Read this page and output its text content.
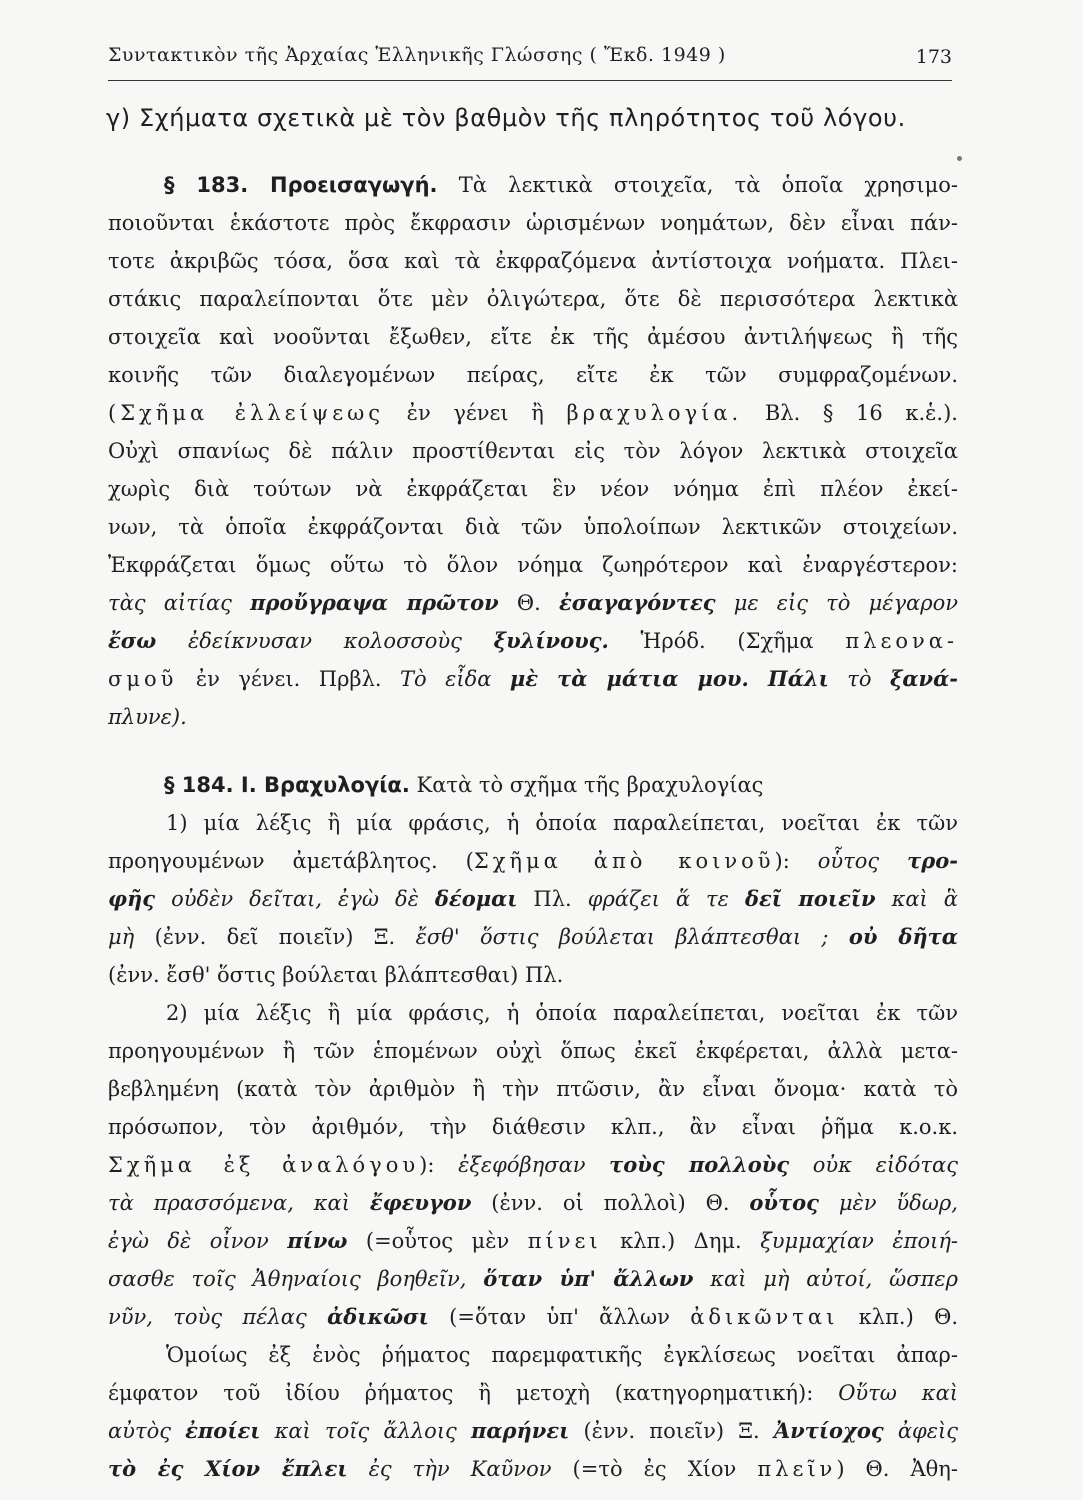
Συντακτικὸν τῆς Ἀρχαίας Ἑλληνικῆς Γλώσσης ( Ἔκδ. 1949 )	173
γ) Σχήματα σχετικὰ μὲ τὸν βαθμὸν τῆς πληρότητος τοῦ λόγου.
§ 183. Προεισαγωγή. Τὰ λεκτικὰ στοιχεῖα, τὰ ὁποῖα χρησιμο-
ποιοῦνται ἑκάστοτε πρὸς ἔκφρασιν ὡρισμένων νοημάτων, δὲν εἶναι πάν-
τοτε ἀκριβῶς τόσα, ὅσα καὶ τὰ ἐκφραζόμενα ἀντίστοιχα νοήματα. Πλει-
στάκις παραλείπονται ὅτε μὲν ὀλιγώτερα, ὅτε δὲ περισσότερα λεκτικὰ
στοιχεῖα καὶ νοοῦνται ἔξωθεν, εἴτε ἐκ τῆς ἀμέσου ἀντιλήψεως ἢ τῆς
κοινῆς τῶν διαλεγομένων πείρας, εἴτε ἐκ τῶν συμφραζομένων.
(Σχῆμα ἐλλείψεως ἐν γένει ἢ βραχυλογία. Βλ. § 16 κ.ἑ.).
Οὐχὶ σπανίως δὲ πάλιν προστίθενται εἰς τὸν λόγον λεκτικὰ στοιχεῖα
χωρὶς διὰ τούτων νὰ ἐκφράζεται ἓν νέον νόημα ἐπὶ πλέον ἐκεί-
νων, τὰ ὁποῖα ἐκφράζονται διὰ τῶν ὑπολοίπων λεκτικῶν στοιχείων.
Ἐκφράζεται ὅμως οὕτω τὸ ὅλον νόημα ζωηρότερον καὶ ἐναργέστερον:
τὰς αἰτίας προὔγραψα πρῶτον Θ. ἐσαγαγόντες με εἰς τὸ μέγαρον
ἔσω ἐδείκνυσαν κολοσσοὺς ξυλίνους. Ἡρόδ. (Σχῆμα πλεονα-
σμοῦ ἐν γένει. Πρβλ. Τὸ εἶδα μὲ τὰ μάτια μου. Πάλι τὸ ξανά-
πλυνε).
§ 184. Ι. Βραχυλογία. Κατὰ τὸ σχῆμα τῆς βραχυλογίας
1) μία λέξις ἢ μία φράσις, ἡ ὁποία παραλείπεται, νοεῖται ἐκ τῶν
προηγουμένων ἀμετάβλητος. (Σχῆμα ἀπὸ κοινοῦ): οὗτος τρο-
φῆς οὐδὲν δεῖται, ἐγὼ δὲ δέομαι Πλ. φράζει ἅ τε δεῖ ποιεῖν καὶ ἃ
μὴ (ἐνν. δεῖ ποιεῖν) Ξ. ἔσθ' ὅστις βούλεται βλάπτεσθαι ; οὐ δῆτα
(ἐνν. ἔσθ' ὅστις βούλεται βλάπτεσθαι) Πλ.
2) μία λέξις ἢ μία φράσις, ἡ ὁποία παραλείπεται, νοεῖται ἐκ τῶν
προηγουμένων ἢ τῶν ἑπομένων οὐχὶ ὅπως ἐκεῖ ἐκφέρεται, ἀλλὰ μετα-
βεβλημένη (κατὰ τὸν ἀριθμὸν ἢ τὴν πτῶσιν, ἂν εἶναι ὄνομα· κατὰ τὸ
πρόσωπον, τὸν ἀριθμόν, τὴν διάθεσιν κλπ., ἂν εἶναι ῥῆμα κ.ο.κ.
Σχῆμα ἐξ ἀναλόγου): ἐξεφόβησαν τοὺς πολλοὺς οὐκ εἰδότας
τὰ πρασσόμενα, καὶ ἔφευγον (ἐνν. οἱ πολλοὶ) Θ. οὗτος μὲν ὕδωρ,
ἐγὼ δὲ οἶνον πίνω (=οὗτος μὲν πίνει κλπ.) Δημ. ξυμμαχίαν ἐποιή-
σασθε τοῖς Ἀθηναίοις βοηθεῖν, ὅταν ὑπ' ἄλλων καὶ μὴ αὐτοί, ὥσπερ
νῦν, τοὺς πέλας ἀδικῶσι (=ὅταν ὑπ' ἄλλων ἀδικῶνται κλπ.) Θ.
Ὁμοίως ἐξ ἑνὸς ῥήματος παρεμφατικῆς ἐγκλίσεως νοεῖται ἀπαρ-
έμφατον τοῦ ἰδίου ῥήματος ἢ μετοχὴ (κατηγορηματική): Οὕτω καὶ
αὐτὸς ἐποίει καὶ τοῖς ἄλλοις παρήνει (ἐνν. ποιεῖν) Ξ. Ἀντίοχος ἀφεὶς
τὸ ἐς Χίον ἔπλει ἐς τὴν Καῦνον (=τὸ ἐς Χίον πλεῖν) Θ. Ἀθη-
